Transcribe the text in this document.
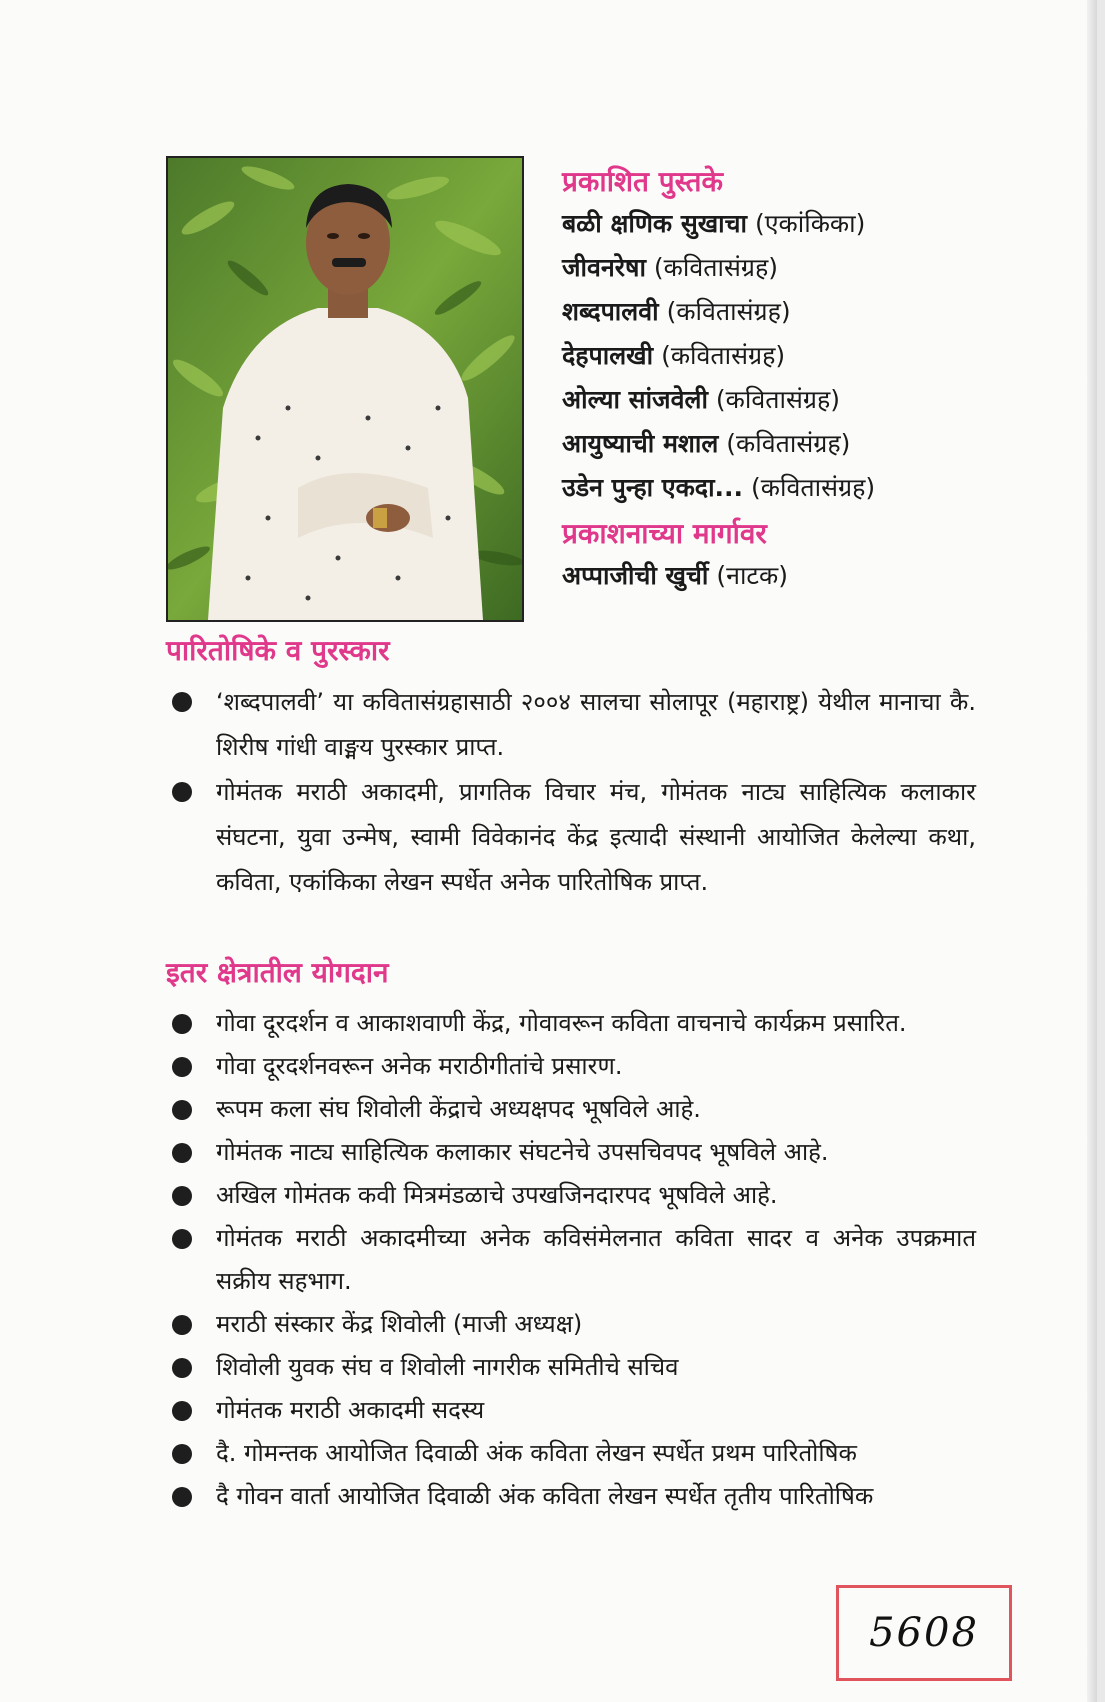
प्रकाशित पुस्तके

बळी क्षणिक सुखाचा (एकांकिका)

जीवनरेषा (कवितासंग्रह)

शब्दपालवी (कवितासंग्रह)

देहपालखी (कवितासंग्रह)

ओल्या सांजवेली (कवितासंग्रह)

आयुष्याची मशाल (कवितासंग्रह)

उडेन पुन्हा एकदा... (कवितासंग्रह)

प्रकाशनाच्या मार्गावर

अप्पाजीची खुर्ची (नाटक)

पारितोषिके व पुरस्कार

‘शब्दपालवी’ या कवितासंग्रहासाठी २००४ सालचा सोलापूर (महाराष्ट्र) येथील मानाचा कै. शिरीष गांधी वाङ्मय पुरस्कार प्राप्त.
गोमंतक मराठी अकादमी, प्रागतिक विचार मंच, गोमंतक नाट्य साहित्यिक कलाकार संघटना, युवा उन्मेष, स्वामी विवेकानंद केंद्र इत्यादी संस्थानी आयोजित केलेल्या कथा, कविता, एकांकिका लेखन स्पर्धेत अनेक पारितोषिक प्राप्त.

इतर क्षेत्रातील योगदान

गोवा दूरदर्शन व आकाशवाणी केंद्र, गोवावरून कविता वाचनाचे कार्यक्रम प्रसारित.
गोवा दूरदर्शनवरून अनेक मराठीगीतांचे प्रसारण.
रूपम कला संघ शिवोली केंद्राचे अध्यक्षपद भूषविले आहे.
गोमंतक नाट्य साहित्यिक कलाकार संघटनेचे उपसचिवपद भूषविले आहे.
अखिल गोमंतक कवी मित्रमंडळाचे उपखजिनदारपद भूषविले आहे.
गोमंतक मराठी अकादमीच्या अनेक कविसंमेलनात कविता सादर व अनेक उपक्रमात सक्रीय सहभाग.
मराठी संस्कार केंद्र शिवोली (माजी अध्यक्ष)
शिवोली युवक संघ व शिवोली नागरीक समितीचे सचिव
गोमंतक मराठी अकादमी सदस्य
दै. गोमन्तक आयोजित दिवाळी अंक कविता लेखन स्पर्धेत प्रथम पारितोषिक
दै गोवन वार्ता आयोजित दिवाळी अंक कविता लेखन स्पर्धेत तृतीय पारितोषिक
5608
